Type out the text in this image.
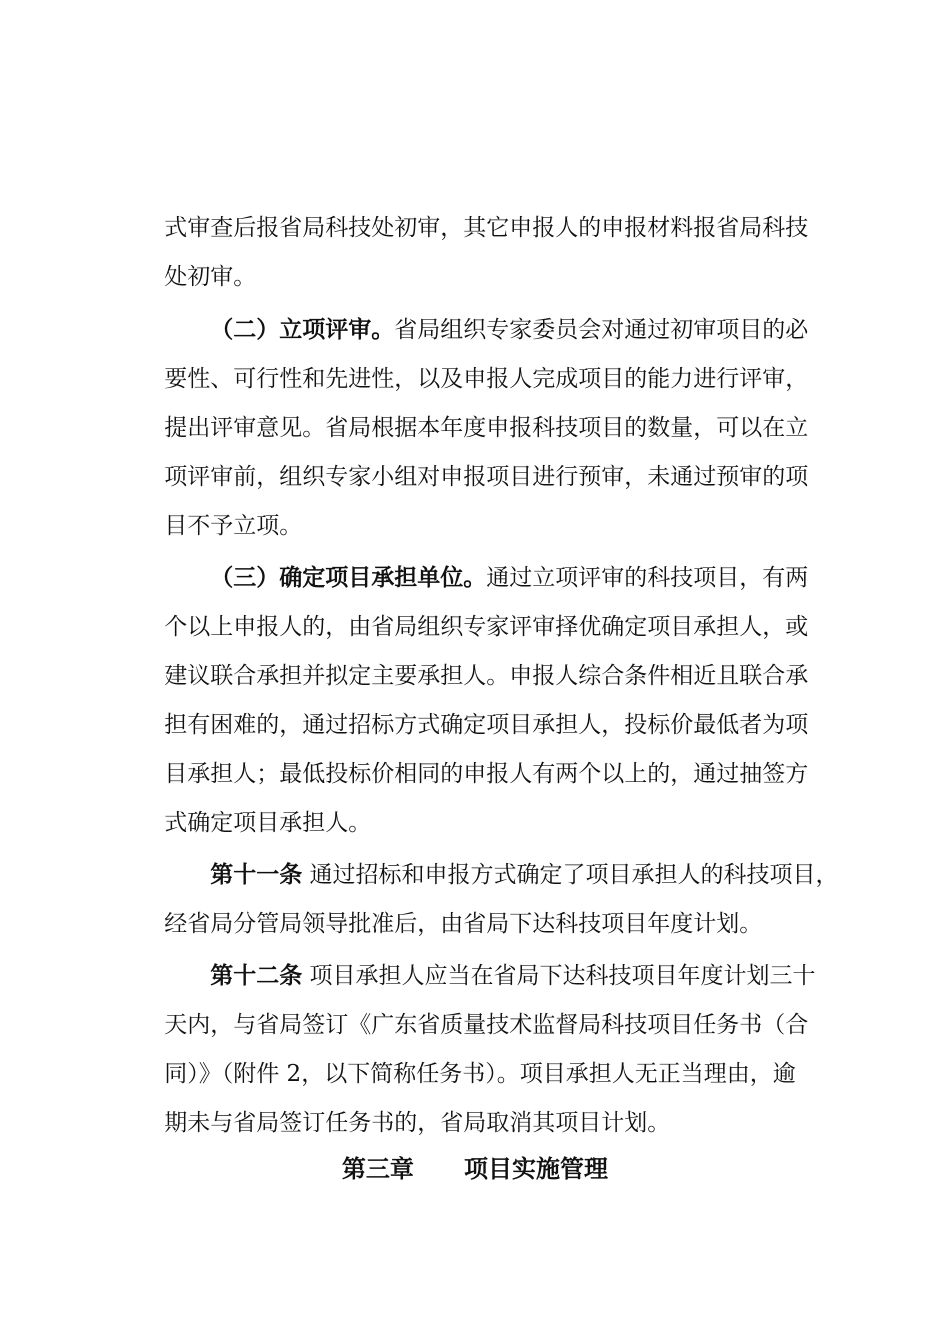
式审查后报省局科技处初审，其它申报人的申报材料报省局科技

处初审。

（二）立项评审。省局组织专家委员会对通过初审项目的必

要性、可行性和先进性，以及申报人完成项目的能力进行评审，

提出评审意见。省局根据本年度申报科技项目的数量，可以在立

项评审前，组织专家小组对申报项目进行预审，未通过预审的项

目不予立项。

（三）确定项目承担单位。通过立项评审的科技项目，有两

个以上申报人的，由省局组织专家评审择优确定项目承担人，或

建议联合承担并拟定主要承担人。申报人综合条件相近且联合承

担有困难的，通过招标方式确定项目承担人，投标价最低者为项

目承担人；最低投标价相同的申报人有两个以上的，通过抽签方

式确定项目承担人。

第十一条 通过招标和申报方式确定了项目承担人的科技项目，

经省局分管局领导批准后，由省局下达科技项目年度计划。

第十二条 项目承担人应当在省局下达科技项目年度计划三十

天内，与省局签订《广东省质量技术监督局科技项目任务书（合

同）》（附件 2，以下简称任务书）。项目承担人无正当理由，逾

期未与省局签订任务书的，省局取消其项目计划。

第三章      项目实施管理
